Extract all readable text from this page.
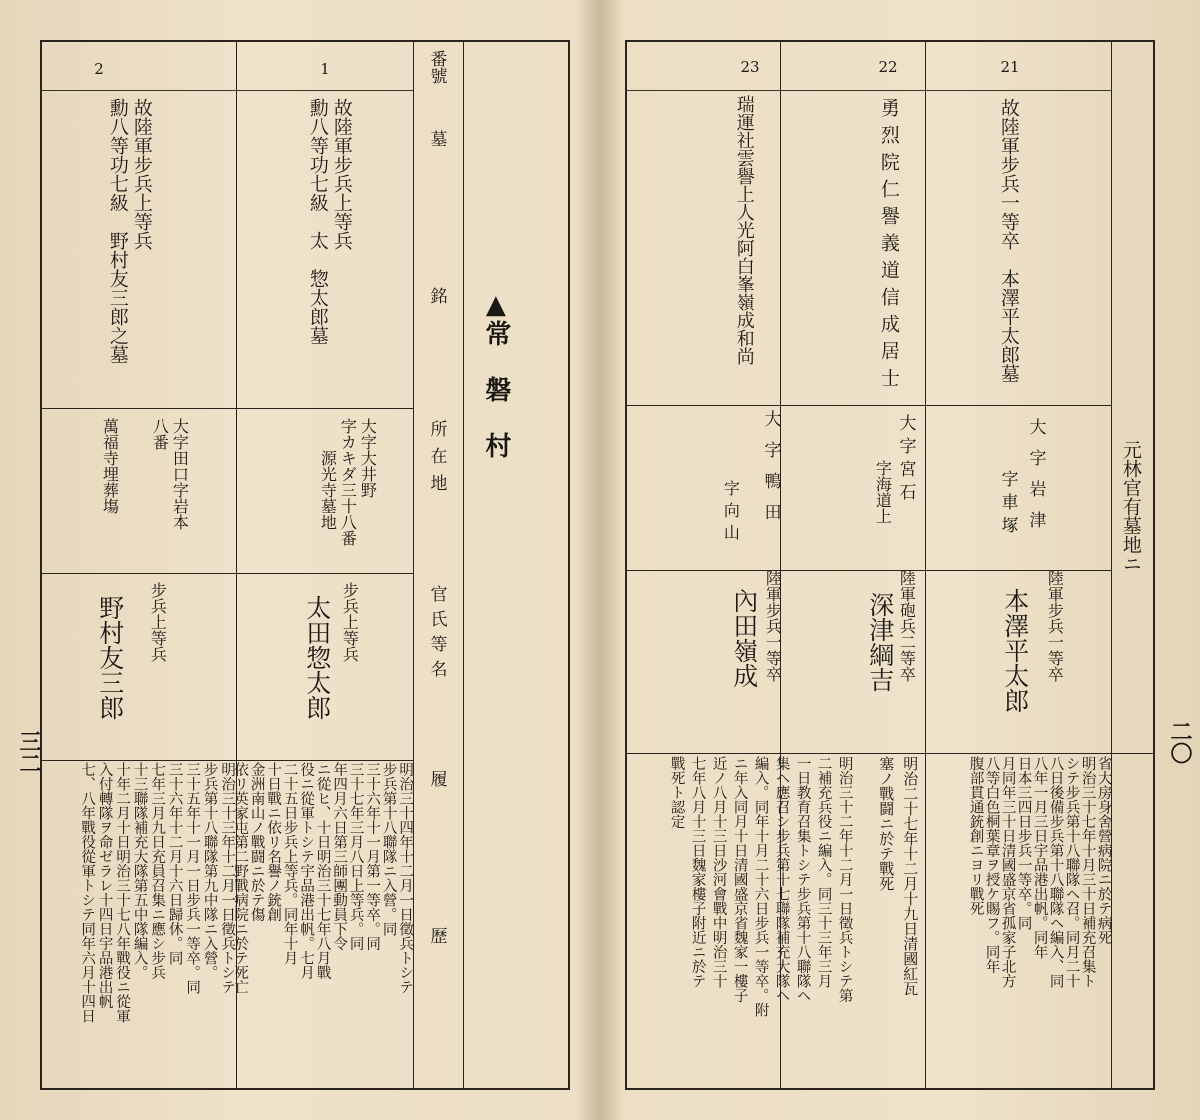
番號
墓 銘
所在地
官氏等名
履 歷
▲常 磐 村
1
故陸軍步兵上等兵
勳八等功七級　太　惣太郎墓
大字大井野
字カキダ三十八番
源光寺墓地
步兵上等兵
太田惣太郎
明治三十四年十二月一日徵兵トシテ
步兵第十八聯隊ニ入營。同
三十六年十一月第一等卒。同
三十七年三月八日上等兵。同
年四月六日第三師團動員下令
ニ從ヒ、十日明治三十七年八月戰
役ニ從軍トシテ宇品港出帆。七月
二十五日步兵上等兵。同年十月
十日戰ニ依リ名譽ノ銃創
金洲南山ノ戰闘ニ於テ傷
依リ英家屯第二野戰病院ニ於テ死亡
2
故陸軍步兵上等兵
勳八等功七級　野村友三郎之墓
大字田口字岩本
八番
萬福寺埋葬塲
步兵上等兵
野村友三郎
明治三十三年十二月一日徵兵トシテ
步兵第十八聯隊第九中隊ニ入營。
三十五年十一月一日步兵一等卒。同
三十六年十二月十六日歸休。同
七年三月九日充員召集ニ應シ步兵
十三聯隊補充大隊第五中隊編入。
十年二月十日明治三十七八年戰役ニ從軍
入付轉隊ヲ命ゼラレ十四日宇品港出帆
七、八年戰役從軍トシテ同年六月十四日
三二
元林官有墓地ニ
21
故陸軍步兵一等卒　本澤平太郎墓
大字岩津
字車塚
陸軍步兵一等卒
本澤平太郎
省大房身舍營病院ニ於テ病死
明治三十七年十月三十日補充召集ト
シテ步兵第十八聯隊ヘ召。同月二十
八日後備步兵第十八聯隊ヘ編入、同
八年一月三日宇品港出帆。同年
日本三四日步兵一等卒。同
月同年三十日清國盛京省孤家子北方
八等白色桐葉章ヲ授ケ賜フ。同年
腹部貫通銃創ニヨリ戰死
22
勇烈院仁譽義道信成居士
大字宮石
字海道上
陸軍砲兵二等卒
深津綱吉
明治二十七年十二月十九日清國紅瓦
塞ノ戰闘ニ於テ戰死
23
瑞運社雲譽上人光阿白峯嶺成和尚
大字鴨田
字向山
陸軍步兵一等卒
內田嶺成
明治三十二年十二月一日徵兵トシテ第
二補充兵役ニ編入。同三十三年三月
一日教育召集トシテ步兵第十八聯隊ヘ
集ヘ應召シ步兵第十七聯隊補充大隊ヘ
編入。同年十月二十六日步兵一等卒。附
ニ年入同月十日清國盛京省魏家一樓子
近ノ八月十三日沙河會戰中明治三十
七年八月十三日魏家樓子附近ニ於テ
戰死ト認定
二〇
